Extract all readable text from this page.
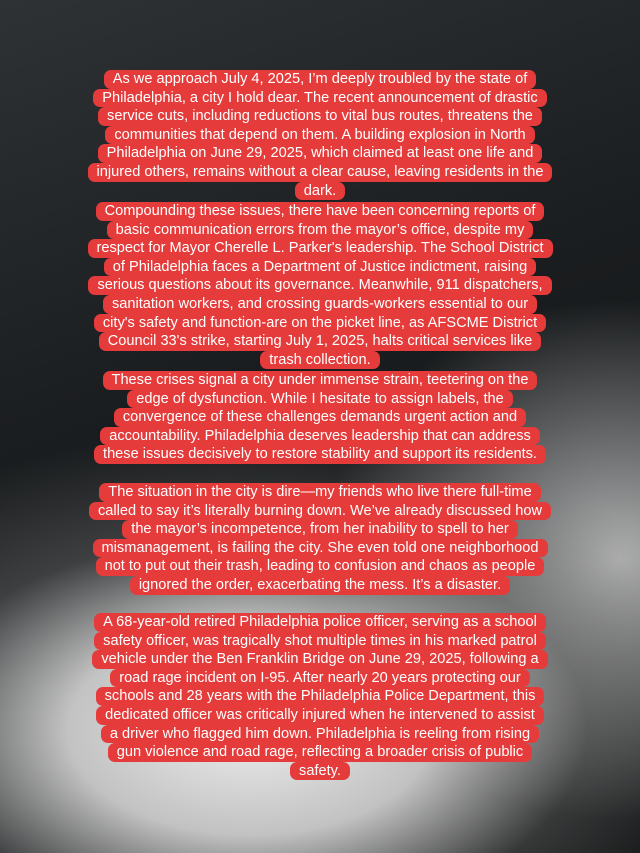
As we approach July 4, 2025, I’m deeply troubled by the state of
Philadelphia, a city I hold dear. The recent announcement of drastic
service cuts, including reductions to vital bus routes, threatens the
communities that depend on them. A building explosion in North
Philadelphia on June 29, 2025, which claimed at least one life and
injured others, remains without a clear cause, leaving residents in the
dark.
Compounding these issues, there have been concerning reports of
basic communication errors from the mayor’s office, despite my
respect for Mayor Cherelle L. Parker's leadership. The School District
of Philadelphia faces a Department of Justice indictment, raising
serious questions about its governance. Meanwhile, 911 dispatchers,
sanitation workers, and crossing guards-workers essential to our
city's safety and function-are on the picket line, as AFSCME District
Council 33's strike, starting July 1, 2025, halts critical services like
trash collection.
These crises signal a city under immense strain, teetering on the
edge of dysfunction. While I hesitate to assign labels, the
convergence of these challenges demands urgent action and
accountability. Philadelphia deserves leadership that can address
these issues decisively to restore stability and support its residents.
The situation in the city is dire—my friends who live there full-time
called to say it’s literally burning down. We’ve already discussed how
the mayor’s incompetence, from her inability to spell to her
mismanagement, is failing the city. She even told one neighborhood
not to put out their trash, leading to confusion and chaos as people
ignored the order, exacerbating the mess. It’s a disaster.
A 68-year-old retired Philadelphia police officer, serving as a school
safety officer, was tragically shot multiple times in his marked patrol
vehicle under the Ben Franklin Bridge on June 29, 2025, following a
road rage incident on I-95. After nearly 20 years protecting our
schools and 28 years with the Philadelphia Police Department, this
dedicated officer was critically injured when he intervened to assist
a driver who flagged him down. Philadelphia is reeling from rising
gun violence and road rage, reflecting a broader crisis of public
safety.
